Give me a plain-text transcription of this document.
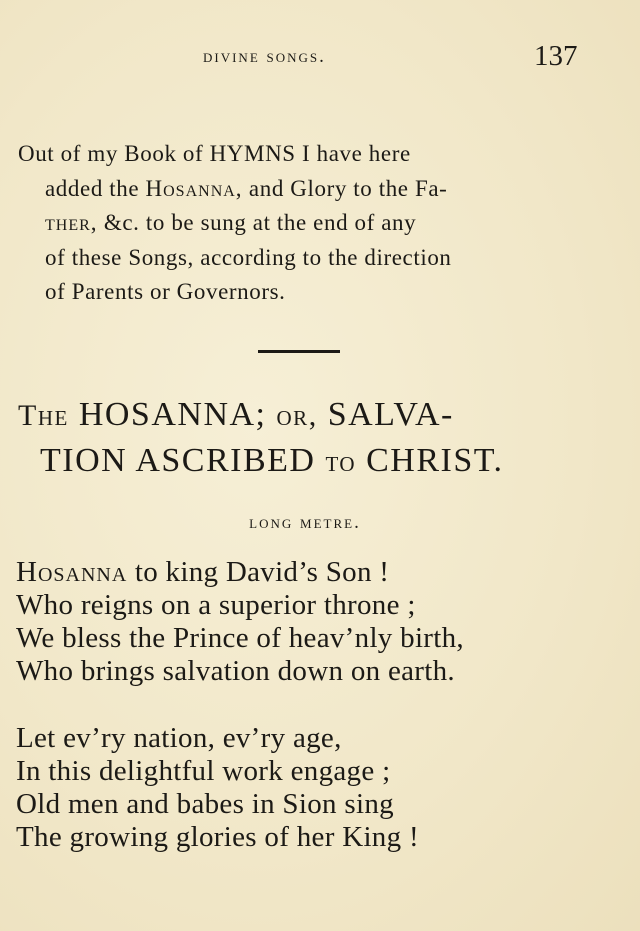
divine songs.	137
Out of my Book of HYMNS I have here
added the Hosanna, and Glory to the Fa-
ther, &c. to be sung at the end of any
of these Songs, according to the direction
of Parents or Governors.
The HOSANNA; or, SALVA-
TION ASCRIBED to CHRIST.
long metre.
Hosanna to king David’s Son !
Who reigns on a superior throne ;
We bless the Prince of heav’nly birth,
Who brings salvation down on earth.
Let ev’ry nation, ev’ry age,
In this delightful work engage ;
Old men and babes in Sion sing
The growing glories of her King !
